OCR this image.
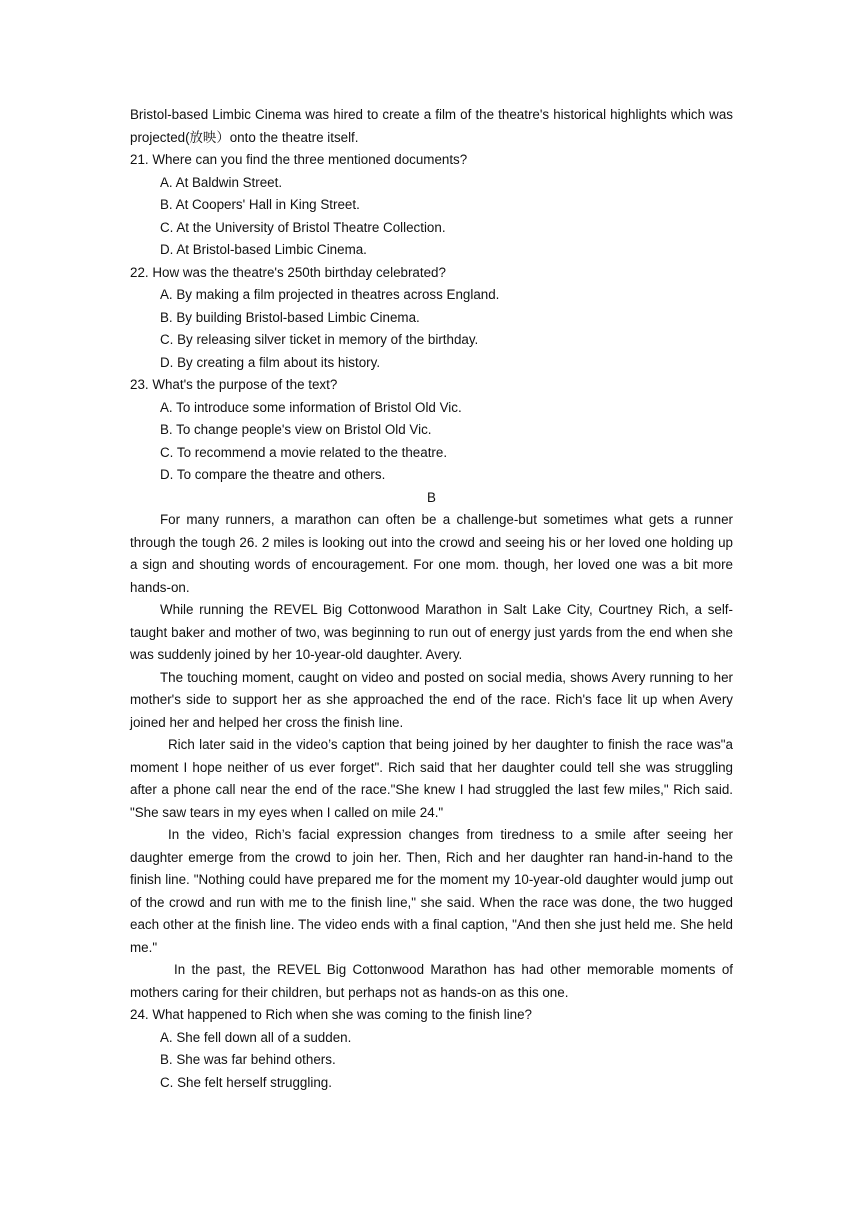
Bristol-based Limbic Cinema was hired to create a film of the theatre's historical highlights which was projected(放映）onto the theatre itself.

21. Where can you find the three mentioned documents?

A. At Baldwin Street.

B. At Coopers' Hall in King Street.

C. At the University of Bristol Theatre Collection.

D. At Bristol-based Limbic Cinema.

22. How was the theatre's 250th birthday celebrated?

A. By making a film projected in theatres across England.

B. By building Bristol-based Limbic Cinema.

C. By releasing silver ticket in memory of the birthday.

D. By creating a film about its history.

23. What's the purpose of the text?

A. To introduce some information of Bristol Old Vic.

B. To change people's view on Bristol Old Vic.

C. To recommend a movie related to the theatre.

D. To compare the theatre and others.

B

For many runners, a marathon can often be a challenge-but sometimes what gets a runner through the tough 26. 2 miles is looking out into the crowd and seeing his or her loved one holding up a sign and shouting words of encouragement. For one mom. though, her loved one was a bit more hands-on.

While running the REVEL Big Cottonwood Marathon in Salt Lake City, Courtney Rich, a self-taught baker and mother of two, was beginning to run out of energy just yards from the end when she was suddenly joined by her 10-year-old daughter. Avery.

The touching moment, caught on video and posted on social media, shows Avery running to her mother's side to support her as she approached the end of the race. Rich's face lit up when Avery joined her and helped her cross the finish line.

Rich later said in the video’s caption that being joined by her daughter to finish the race was"a moment I hope neither of us ever forget". Rich said that her daughter could tell she was struggling after a phone call near the end of the race."She knew I had struggled the last few miles," Rich said. "She saw tears in my eyes when I called on mile 24."

In the video, Rich’s facial expression changes from tiredness to a smile after seeing her daughter emerge from the crowd to join her. Then, Rich and her daughter ran hand-in-hand to the finish line. "Nothing could have prepared me for the moment my 10-year-old daughter would jump out of the crowd and run with me to the finish line," she said. When the race was done, the two hugged each other at the finish line. The video ends with a final caption, "And then she just held me. She held me."

In the past, the REVEL Big Cottonwood Marathon has had other memorable moments of mothers caring for their children, but perhaps not as hands-on as this one.

24. What happened to Rich when she was coming to the finish line?

A. She fell down all of a sudden.

B. She was far behind others.

C. She felt herself struggling.
